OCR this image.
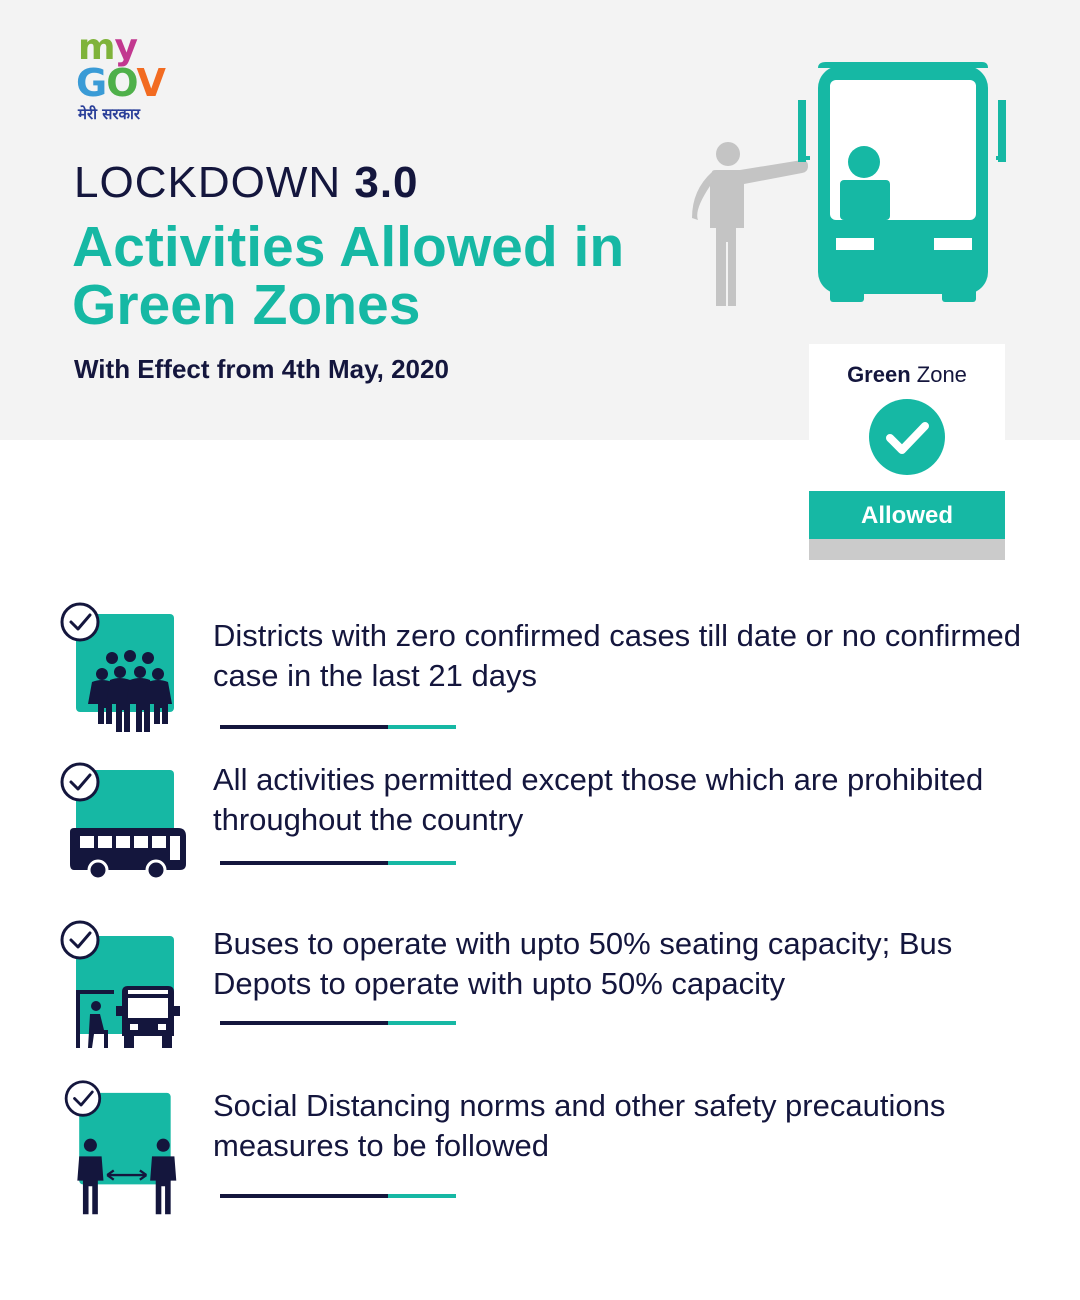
my
GOV
मेरी सरकार
LOCKDOWN 3.0
Activities Allowed in Green Zones
With Effect from 4th May, 2020	Green Zone
Allowed
Districts with zero confirmed cases till date or no confirmed case in the last 21 days
All activities permitted except those which are prohibited throughout the country
Buses to operate with upto 50% seating capacity; Bus Depots to operate with upto 50% capacity
Social Distancing norms and other safety precautions measures to be followed
